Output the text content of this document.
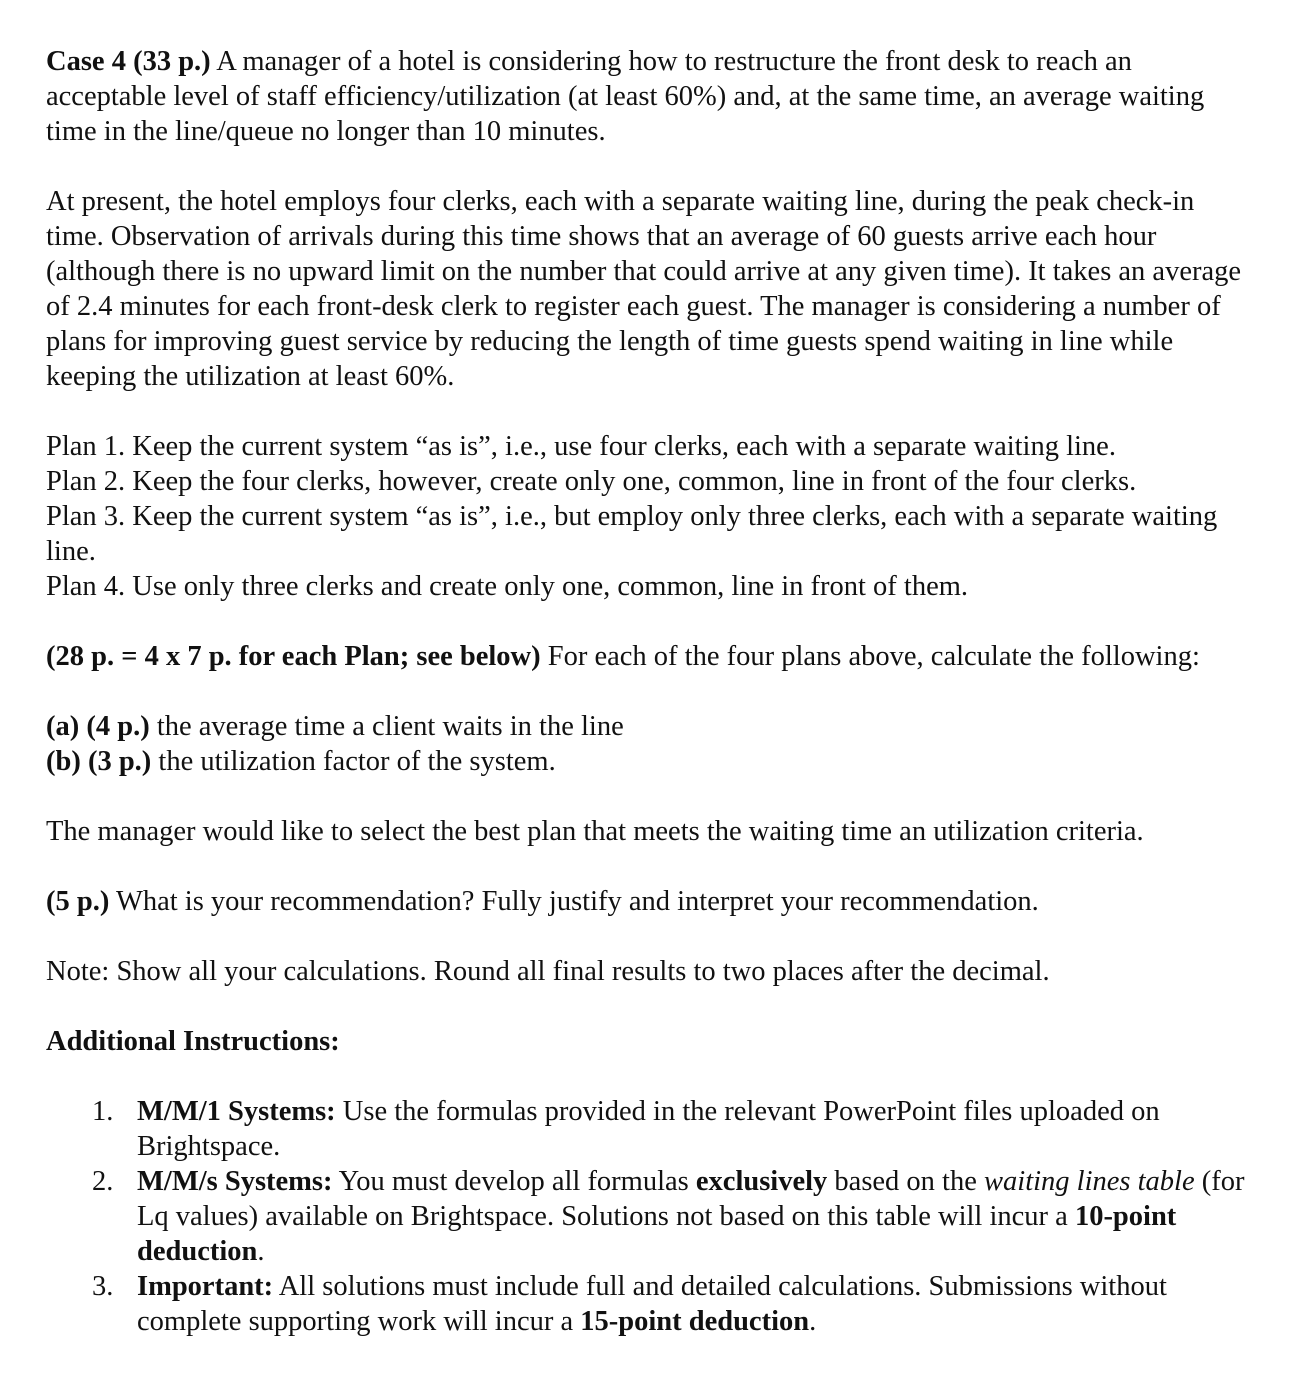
Case 4 (33 p.) A manager of a hotel is considering how to restructure the front desk to reach an acceptable level of staff efficiency/utilization (at least 60%) and, at the same time, an average waiting time in the line/queue no longer than 10 minutes.

At present, the hotel employs four clerks, each with a separate waiting line, during the peak check-in time. Observation of arrivals during this time shows that an average of 60 guests arrive each hour (although there is no upward limit on the number that could arrive at any given time). It takes an average of 2.4 minutes for each front-desk clerk to register each guest. The manager is considering a number of plans for improving guest service by reducing the length of time guests spend waiting in line while keeping the utilization at least 60%.

Plan 1. Keep the current system “as is”, i.e., use four clerks, each with a separate waiting line.

Plan 2. Keep the four clerks, however, create only one, common, line in front of the four clerks.

Plan 3. Keep the current system “as is”, i.e., but employ only three clerks, each with a separate waiting line.

Plan 4. Use only three clerks and create only one, common, line in front of them.

(28 p. = 4 x 7 p. for each Plan; see below) For each of the four plans above, calculate the following:

(a) (4 p.) the average time a client waits in the line

(b) (3 p.) the utilization factor of the system.

The manager would like to select the best plan that meets the waiting time an utilization criteria.

(5 p.) What is your recommendation? Fully justify and interpret your recommendation.

Note: Show all your calculations. Round all final results to two places after the decimal.

Additional Instructions:

1. M/M/1 Systems: Use the formulas provided in the relevant PowerPoint files uploaded on Brightspace.
2. M/M/s Systems: You must develop all formulas exclusively based on the waiting lines table (for Lq values) available on Brightspace. Solutions not based on this table will incur a 10-point deduction.
3. Important: All solutions must include full and detailed calculations. Submissions without complete supporting work will incur a 15-point deduction.
